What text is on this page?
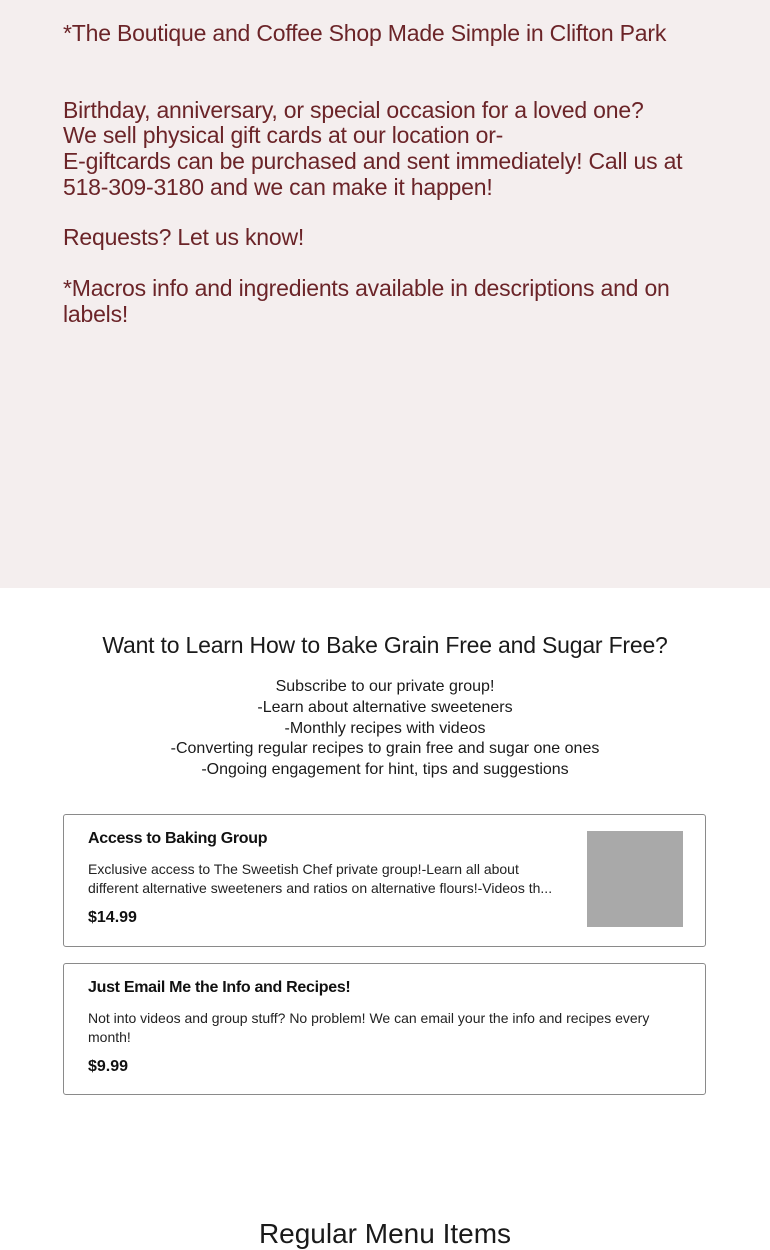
*The Boutique and Coffee Shop Made Simple in Clifton Park

Birthday, anniversary, or special occasion for a loved one?

We sell physical gift cards at our location or-

E-giftcards can be purchased and sent immediately! Call us at 518-309-3180 and we can make it happen!

Requests? Let us know!

*Macros info and ingredients available in descriptions and on labels!

Want to Learn How to Bake Grain Free and Sugar Free?
Subscribe to our private group!
-Learn about alternative sweeteners
-Monthly recipes with videos
-Converting regular recipes to grain free and sugar one ones
-Ongoing engagement for hint, tips and suggestions
Access to Baking Group
Exclusive access to The Sweetish Chef private group!-Learn all about different alternative sweeteners and ratios on alternative flours!-Videos th...
$14.99
Just Email Me the Info and Recipes!
Not into videos and group stuff? No problem! We can email your the info and recipes every month!
$9.99
Regular Menu Items
